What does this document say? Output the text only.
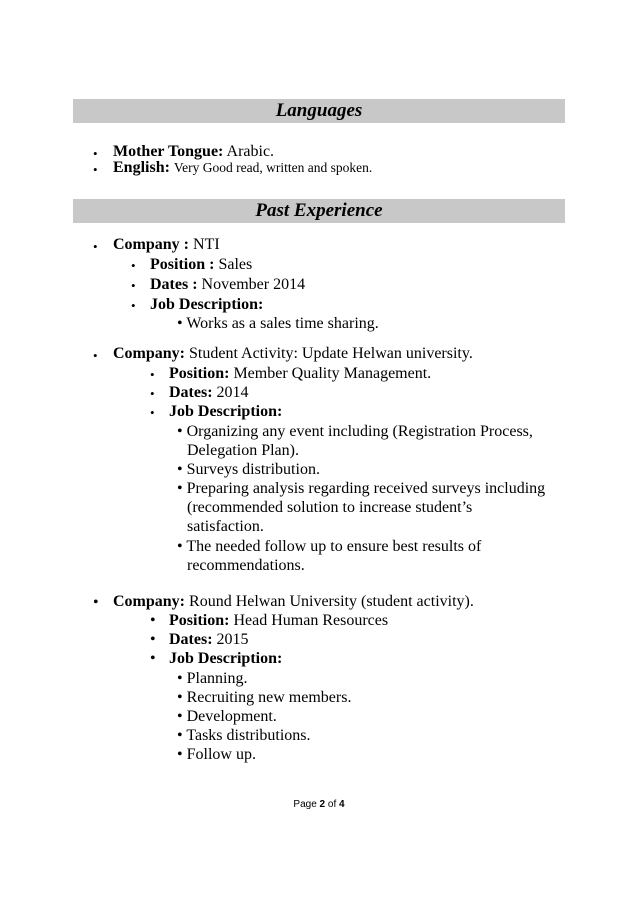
Languages
• Mother Tongue: Arabic.
• English: Very Good read, written and spoken.
Past Experience
• Company : NTI
• Position : Sales
• Dates : November 2014
• Job Description:
• Works as a sales time sharing.
• Company: Student Activity: Update Helwan university.
• Position: Member Quality Management.
• Dates: 2014
• Job Description:
• Organizing any event including (Registration Process,
Delegation Plan).
• Surveys distribution.
• Preparing analysis regarding received surveys including
(recommended solution to increase student’s
satisfaction.
• The needed follow up to ensure best results of
recommendations.
• Company: Round Helwan University (student activity).
• Position: Head Human Resources
• Dates: 2015
• Job Description:
• Planning.
• Recruiting new members.
• Development.
• Tasks distributions.
• Follow up.
Page 2 of 4
